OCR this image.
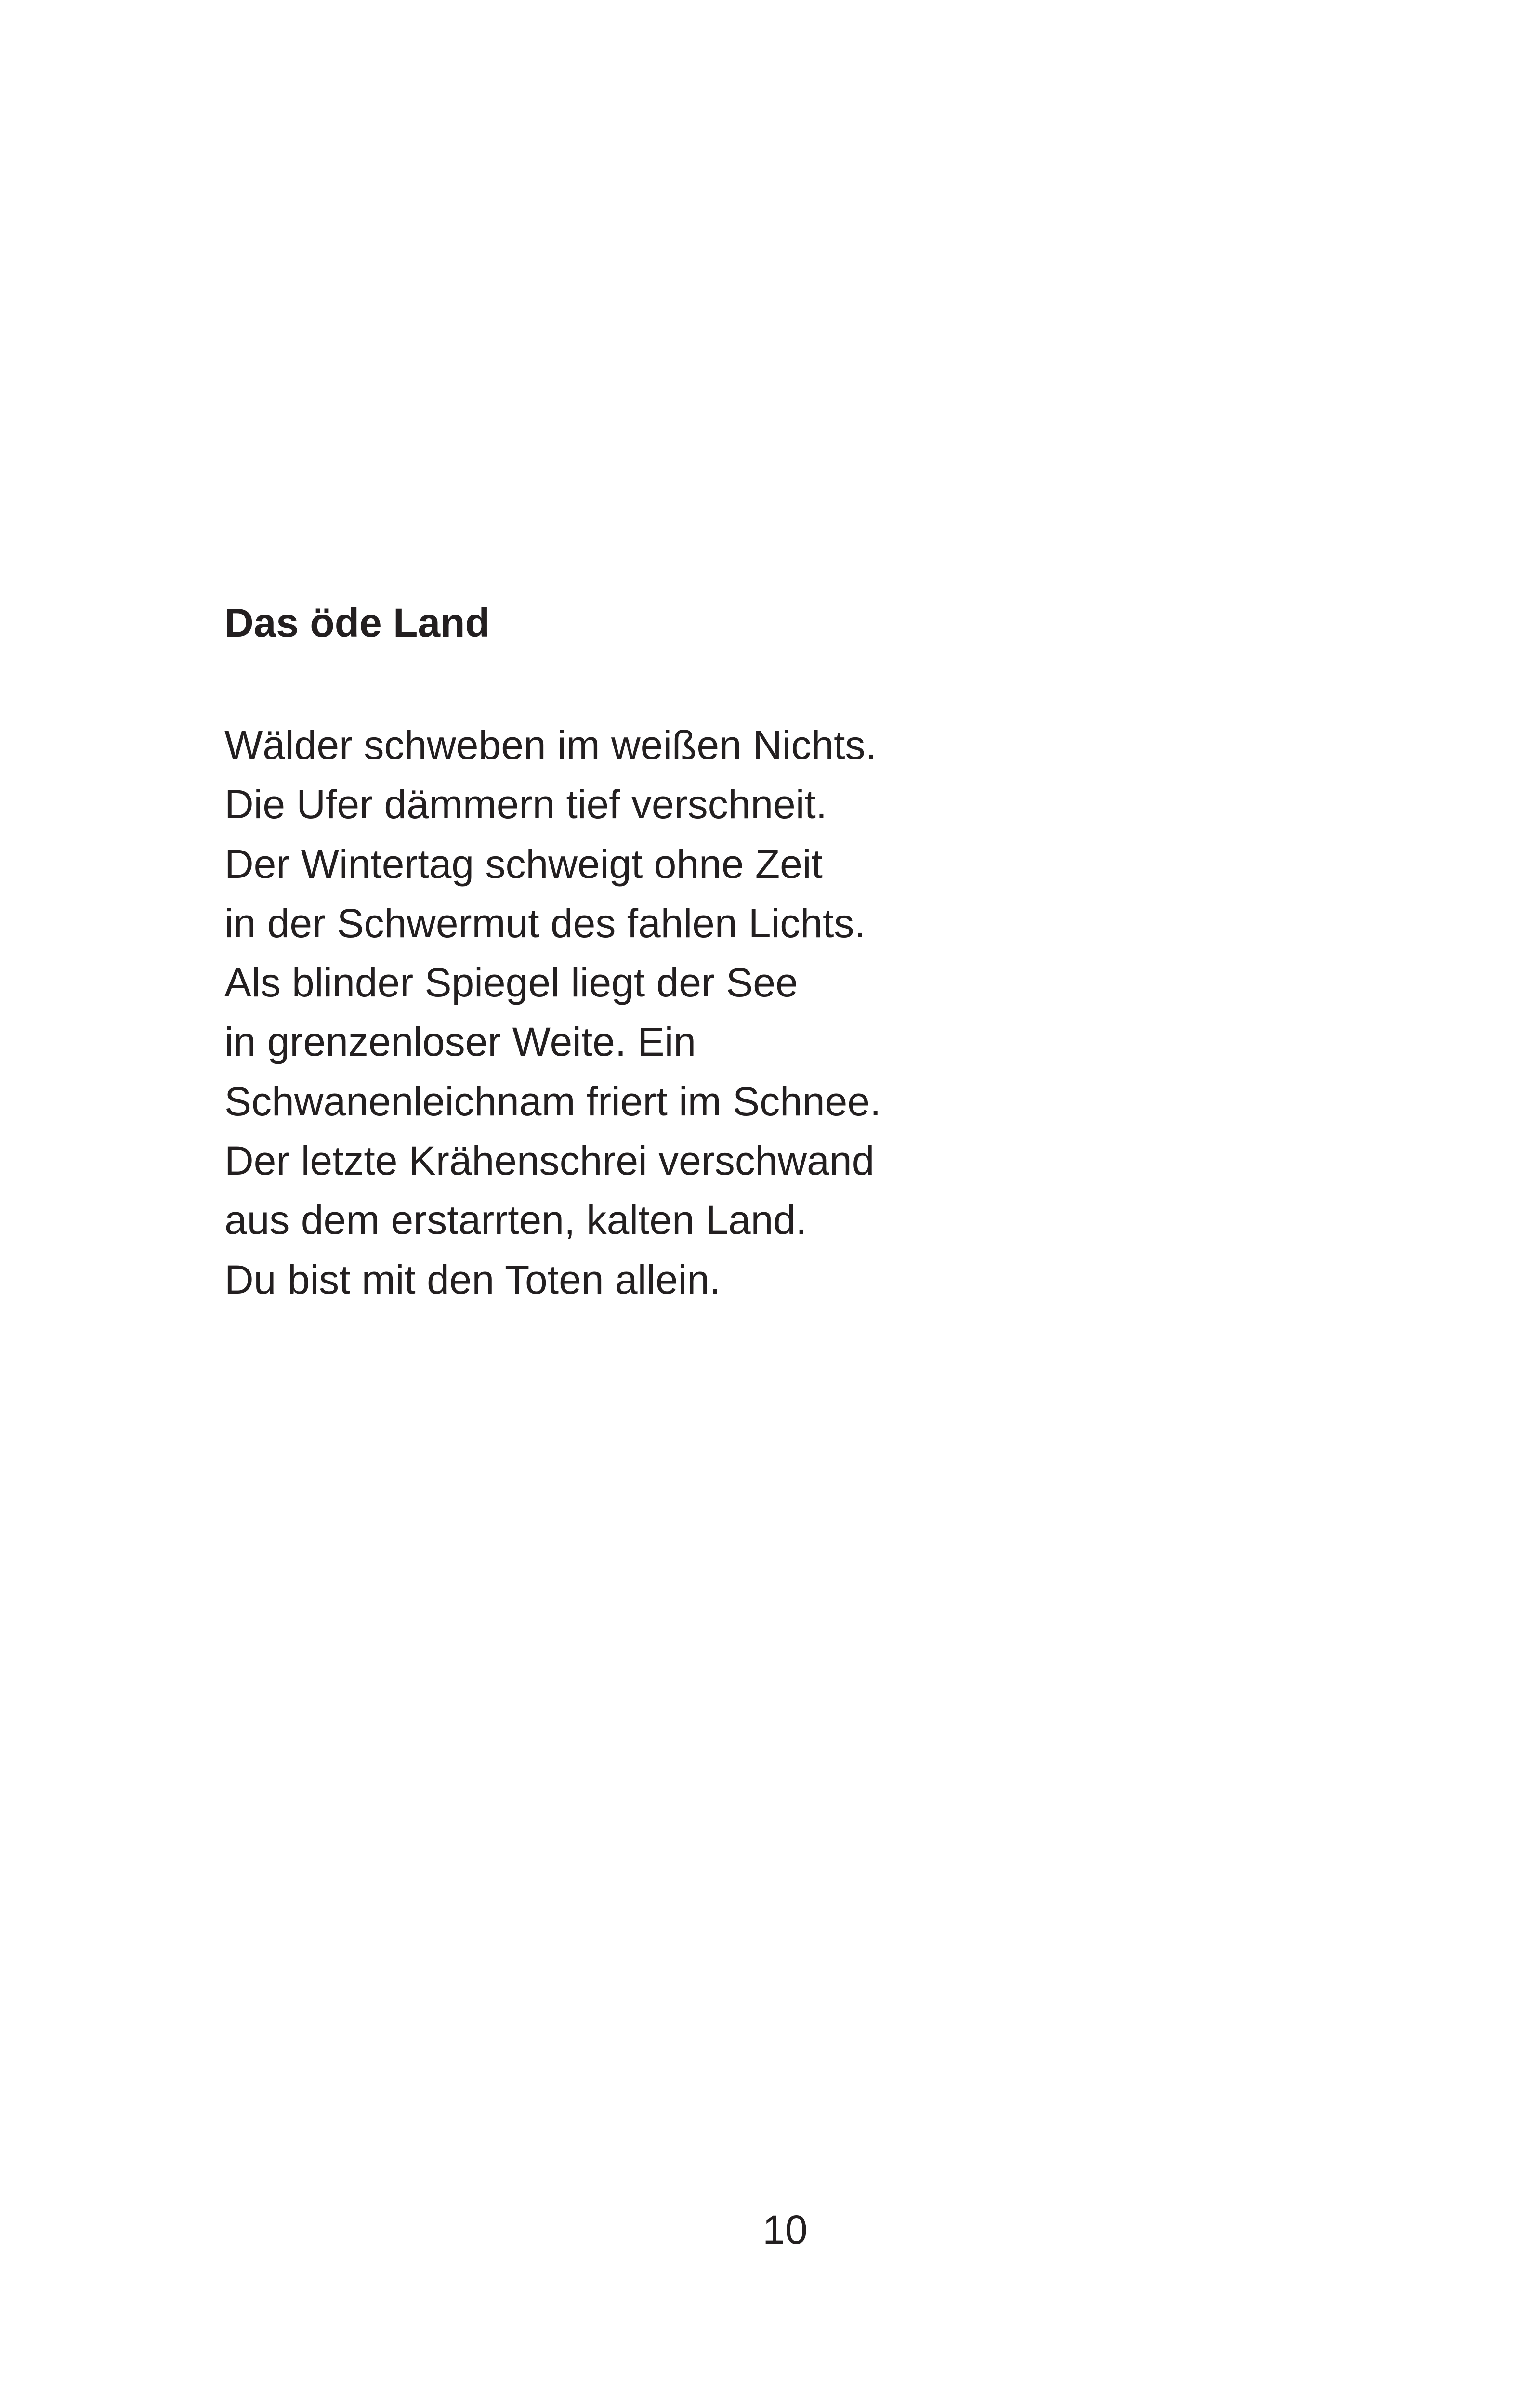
Das öde Land

Wälder schweben im weißen Nichts.

Die Ufer dämmern tief verschneit.

Der Wintertag schweigt ohne Zeit

in der Schwermut des fahlen Lichts.

Als blinder Spiegel liegt der See

in grenzenloser Weite. Ein

Schwanenleichnam friert im Schnee.

Der letzte Krähenschrei verschwand

aus dem erstarrten, kalten Land.

Du bist mit den Toten allein.

10
